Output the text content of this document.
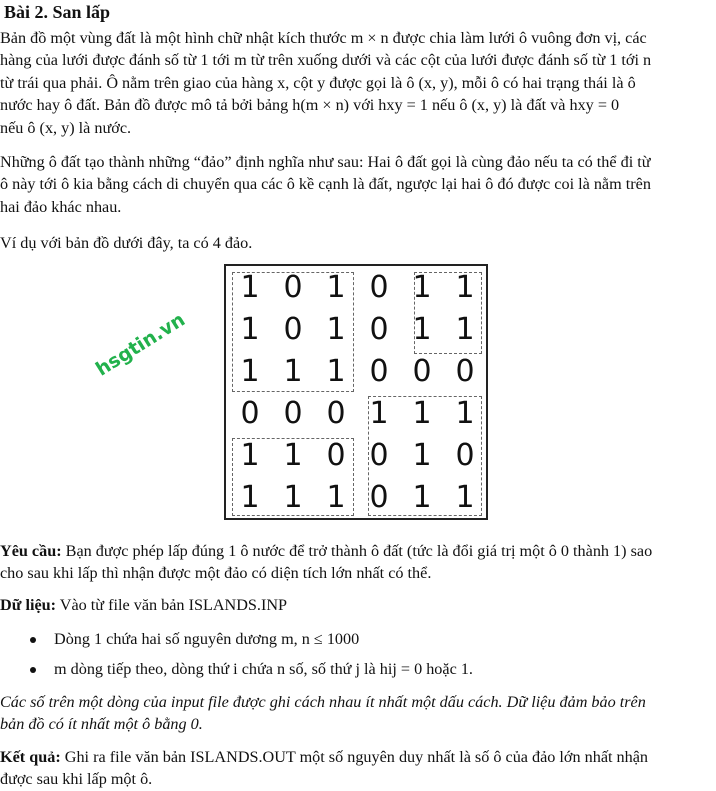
Bài 2. San lấp
Bản đồ một vùng đất là một hình chữ nhật kích thước m × n được chia làm lưới ô vuông đơn vị, các
hàng của lưới được đánh số từ 1 tới m từ trên xuống dưới và các cột của lưới được đánh số từ 1 tới n
từ trái qua phải. Ô nằm trên giao của hàng x, cột y được gọi là ô (x, y), mỗi ô có hai trạng thái là ô
nước hay ô đất. Bản đồ được mô tả bởi bảng h(m × n) với hxy = 1 nếu ô (x, y) là đất và hxy = 0
nếu ô (x, y) là nước.
Những ô đất tạo thành những “đảo” định nghĩa như sau: Hai ô đất gọi là cùng đảo nếu ta có thể đi từ
ô này tới ô kia bằng cách di chuyển qua các ô kề cạnh là đất, ngược lại hai ô đó được coi là nằm trên
hai đảo khác nhau.
Ví dụ với bản đồ dưới đây, ta có 4 đảo.
hsgtin.vn
1 0 1 0 1 1
1 0 1 0 1 1
1 1 1 0 0 0
0 0 0 1 1 1
1 1 0 0 1 0
1 1 1 0 1 1
Yêu cầu: Bạn được phép lấp đúng 1 ô nước để trở thành ô đất (tức là đổi giá trị một ô 0 thành 1) sao
cho sau khi lấp thì nhận được một đảo có diện tích lớn nhất có thể.
Dữ liệu: Vào từ file văn bản ISLANDS.INP
Dòng 1 chứa hai số nguyên dương m, n ≤ 1000
m dòng tiếp theo, dòng thứ i chứa n số, số thứ j là hij = 0 hoặc 1.
Các số trên một dòng của input file được ghi cách nhau ít nhất một dấu cách. Dữ liệu đảm bảo trên
bản đồ có ít nhất một ô bằng 0.
Kết quả: Ghi ra file văn bản ISLANDS.OUT một số nguyên duy nhất là số ô của đảo lớn nhất nhận
được sau khi lấp một ô.
